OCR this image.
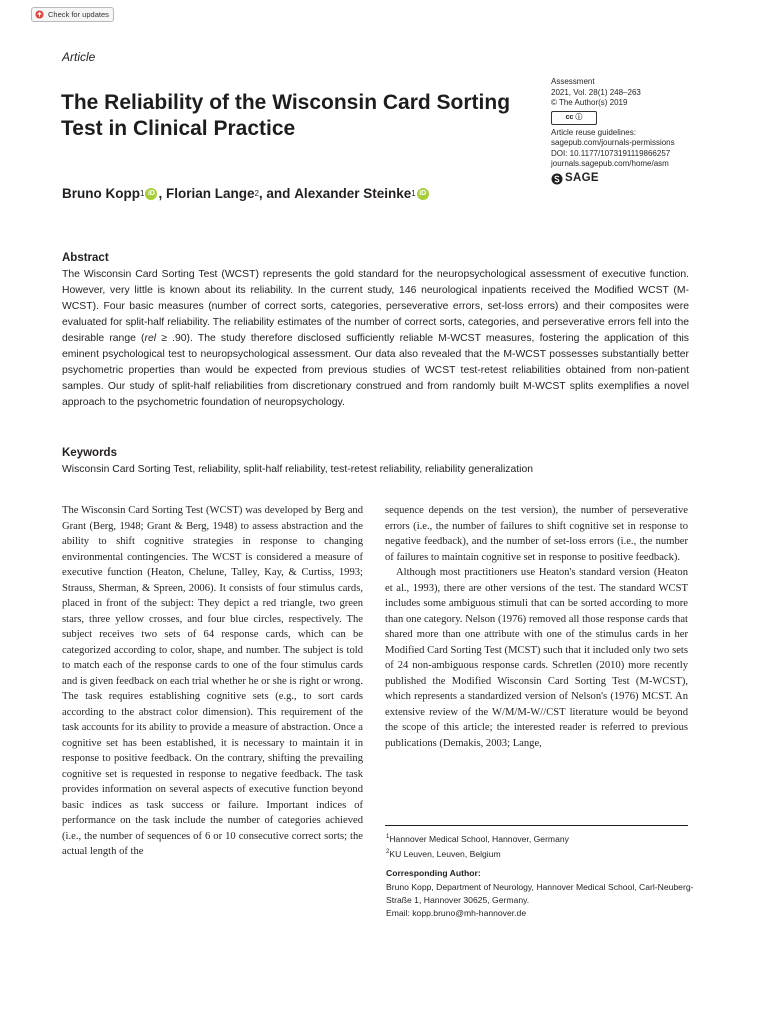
Check for updates
Article
The Reliability of the Wisconsin Card Sorting Test in Clinical Practice
Assessment
2021, Vol. 28(1) 248–263
© The Author(s) 2019
cc ⓘ
Article reuse guidelines:
sagepub.com/journals-permissions
DOI: 10.1177/1073191119866257
journals.sagepub.com/home/asm
SAGE
Bruno Kopp 1 iD , Florian Lange 2 , and Alexander Steinke 1 iD
Abstract
The Wisconsin Card Sorting Test (WCST) represents the gold standard for the neuropsychological assessment of executive function. However, very little is known about its reliability. In the current study, 146 neurological inpatients received the Modified WCST (M-WCST). Four basic measures (number of correct sorts, categories, perseverative errors, set-loss errors) and their composites were evaluated for split-half reliability. The reliability estimates of the number of correct sorts, categories, and perseverative errors fell into the desirable range (rel ≥ .90). The study therefore disclosed sufficiently reliable M-WCST measures, fostering the application of this eminent psychological test to neuropsychological assessment. Our data also revealed that the M-WCST possesses substantially better psychometric properties than would be expected from previous studies of WCST test-retest reliabilities obtained from non-patient samples. Our study of split-half reliabilities from discretionary construed and from randomly built M-WCST splits exemplifies a novel approach to the psychometric foundation of neuropsychology.
Keywords
Wisconsin Card Sorting Test, reliability, split-half reliability, test-retest reliability, reliability generalization

The Wisconsin Card Sorting Test (WCST) was developed by Berg and Grant (Berg, 1948; Grant & Berg, 1948) to assess abstraction and the ability to shift cognitive strategies in response to changing environmental contingencies. The WCST is considered a measure of executive function (Heaton, Chelune, Talley, Kay, & Curtiss, 1993; Strauss, Sherman, & Spreen, 2006). It consists of four stimulus cards, placed in front of the subject: They depict a red triangle, two green stars, three yellow crosses, and four blue circles, respectively. The subject receives two sets of 64 response cards, which can be categorized according to color, shape, and number. The subject is told to match each of the response cards to one of the four stimulus cards and is given feedback on each trial whether he or she is right or wrong. The task requires establishing cognitive sets (e.g., to sort cards according to the abstract color dimension). This requirement of the task accounts for its ability to provide a measure of abstraction. Once a cognitive set has been established, it is necessary to maintain it in response to positive feedback. On the contrary, shifting the prevailing cognitive set is requested in response to negative feedback. The task provides information on several aspects of executive function beyond basic indices as task success or failure. Important indices of performance on the task include the number of categories achieved (i.e., the number of sequences of 6 or 10 consecutive correct sorts; the actual length of the

sequence depends on the test version), the number of perseverative errors (i.e., the number of failures to shift cognitive set in response to negative feedback), and the number of set-loss errors (i.e., the number of failures to maintain cognitive set in response to positive feedback).

Although most practitioners use Heaton's standard version (Heaton et al., 1993), there are other versions of the test. The standard WCST includes some ambiguous stimuli that can be sorted according to more than one category. Nelson (1976) removed all those response cards that shared more than one attribute with one of the stimulus cards in her Modified Card Sorting Test (MCST) such that it included only two sets of 24 non-ambiguous response cards. Schretlen (2010) more recently published the Modified Wisconsin Card Sorting Test (M-WCST), which represents a standardized version of Nelson's (1976) MCST. An extensive review of the W/M/M-W//CST literature would be beyond the scope of this article; the interested reader is referred to previous publications (Demakis, 2003; Lange,

$^1$Hannover Medical School, Hannover, Germany
$^2$KU Leuven, Leuven, Belgium
Corresponding Author:
Bruno Kopp, Department of Neurology, Hannover Medical School, Carl-Neuberg-Straße 1, Hannover 30625, Germany.
Email: kopp.bruno@mh-hannover.de
